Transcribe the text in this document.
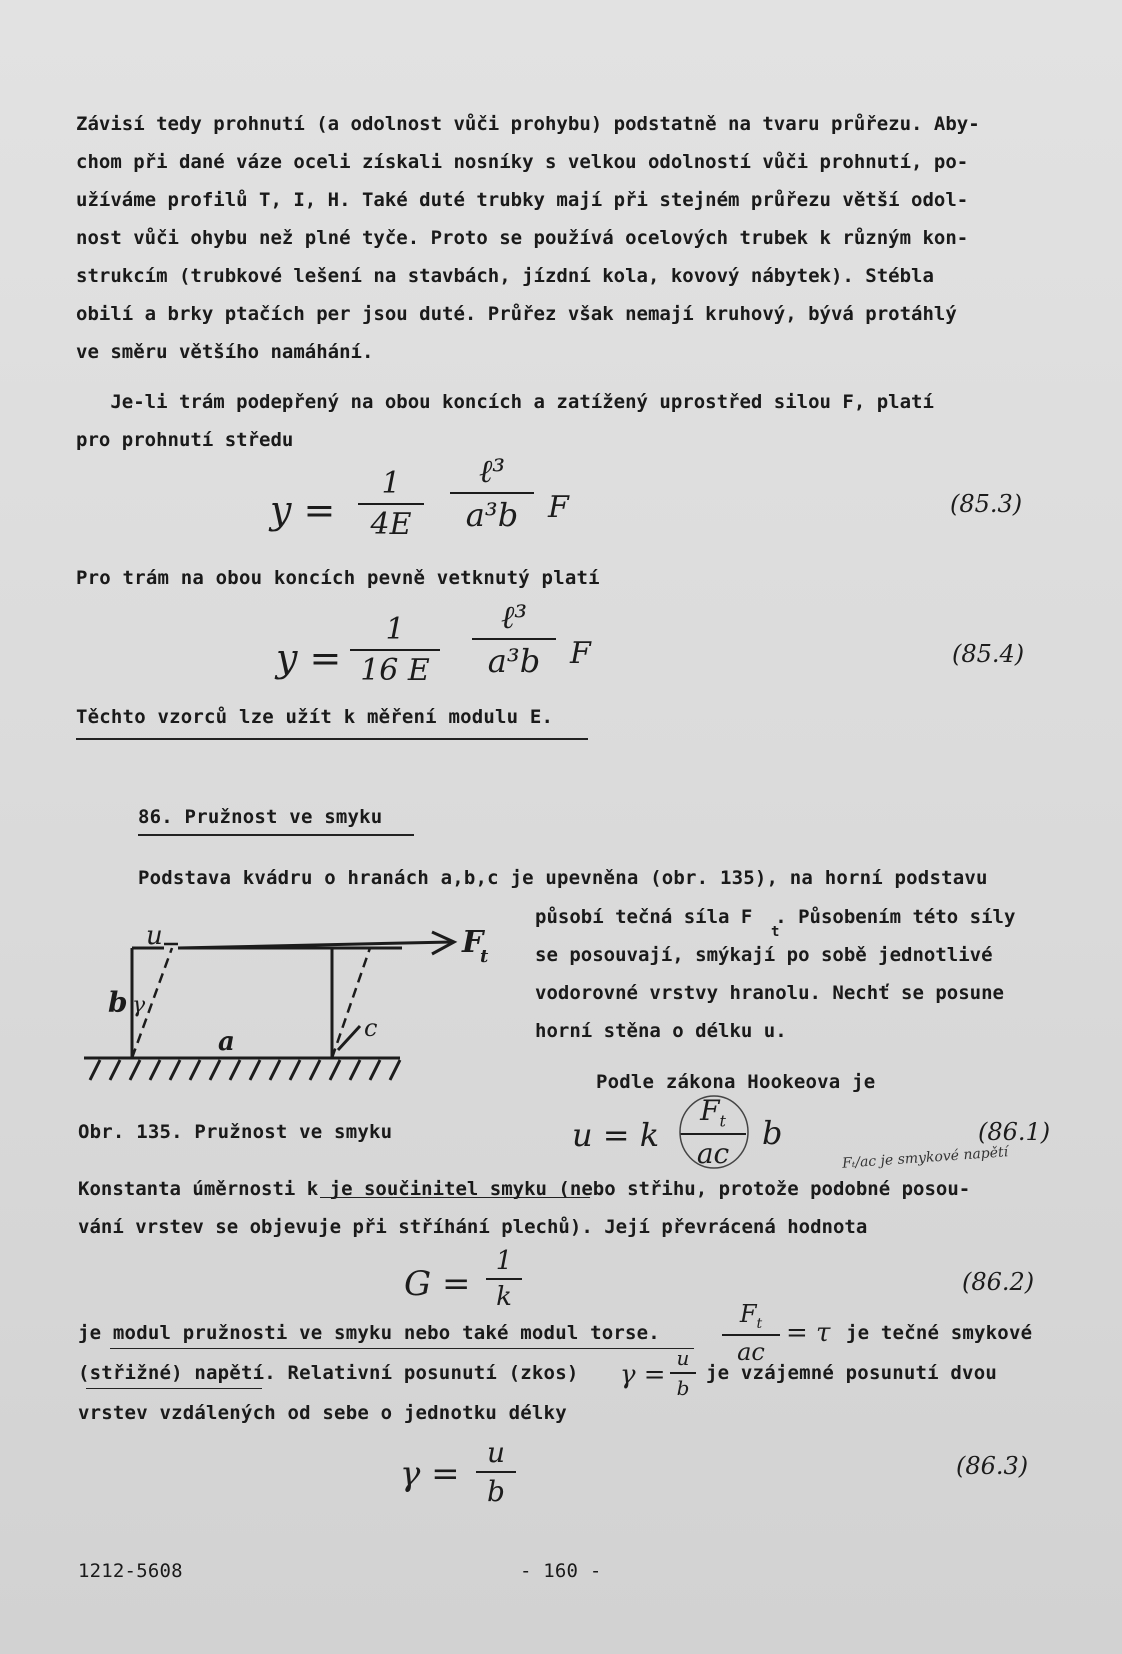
Závisí tedy prohnutí (a odolnost vůči prohybu) podstatně na tvaru průřezu. Aby-
chom při dané váze oceli získali nosníky s velkou odolností vůči prohnutí, po-
užíváme profilů T, I, H. Také duté trubky mají při stejném průřezu větší odol-
nost vůči ohybu než plné tyče. Proto se používá ocelových trubek k různým kon-
strukcím (trubkové lešení na stavbách, jízdní kola, kovový nábytek). Stébla
obilí a brky ptačích per jsou duté. Průřez však nemají kruhový, bývá protáhlý
ve směru většího namáhání.
Je-li trám podepřený na obou koncích a zatížený uprostřed silou F, platí
pro prohnutí středu
y =
1
4E
ℓ³
a³b F	(85.3)
Pro trám na obou koncích pevně vetknutý platí
y =
1
16 E
ℓ³
a³b F	(85.4)
Těchto vzorců lze užít k měření modulu E.
86. Pružnost ve smyku
Podstava kvádru o hranách a,b,c je upevněna (obr. 135), na horní podstavu
působí tečná síla F  . Působením této síly
se posouvají, smýkají po sobě jednotlivé
vodorovné vrstvy hranolu. Nechť se posune
horní stěna o délku u.
t
u
b γ
a	c
F
t
Podle zákona Hookeova je
Obr. 135. Pružnost ve smyku	u = k
$F_t$
ac
b	(86.1)
Fₜ/ac je smykové napětí
Konstanta úměrnosti k je součinitel smyku (nebo střihu, protože podobné posou-
vání vrstev se objevuje při stříhání plechů). Její převrácená hodnota
G =
1
k	(86.2)
je modul pružnosti ve smyku nebo také modul torse.
$F_t$
ac
= τ je tečné smykové
(střižné) napětí. Relativní posunutí (zkos) γ =
u
b
je vzájemné posunutí dvou
vrstev vzdálených od sebe o jednotku délky
γ =
u
b
(86.3)
1212-5608	- 160 -
